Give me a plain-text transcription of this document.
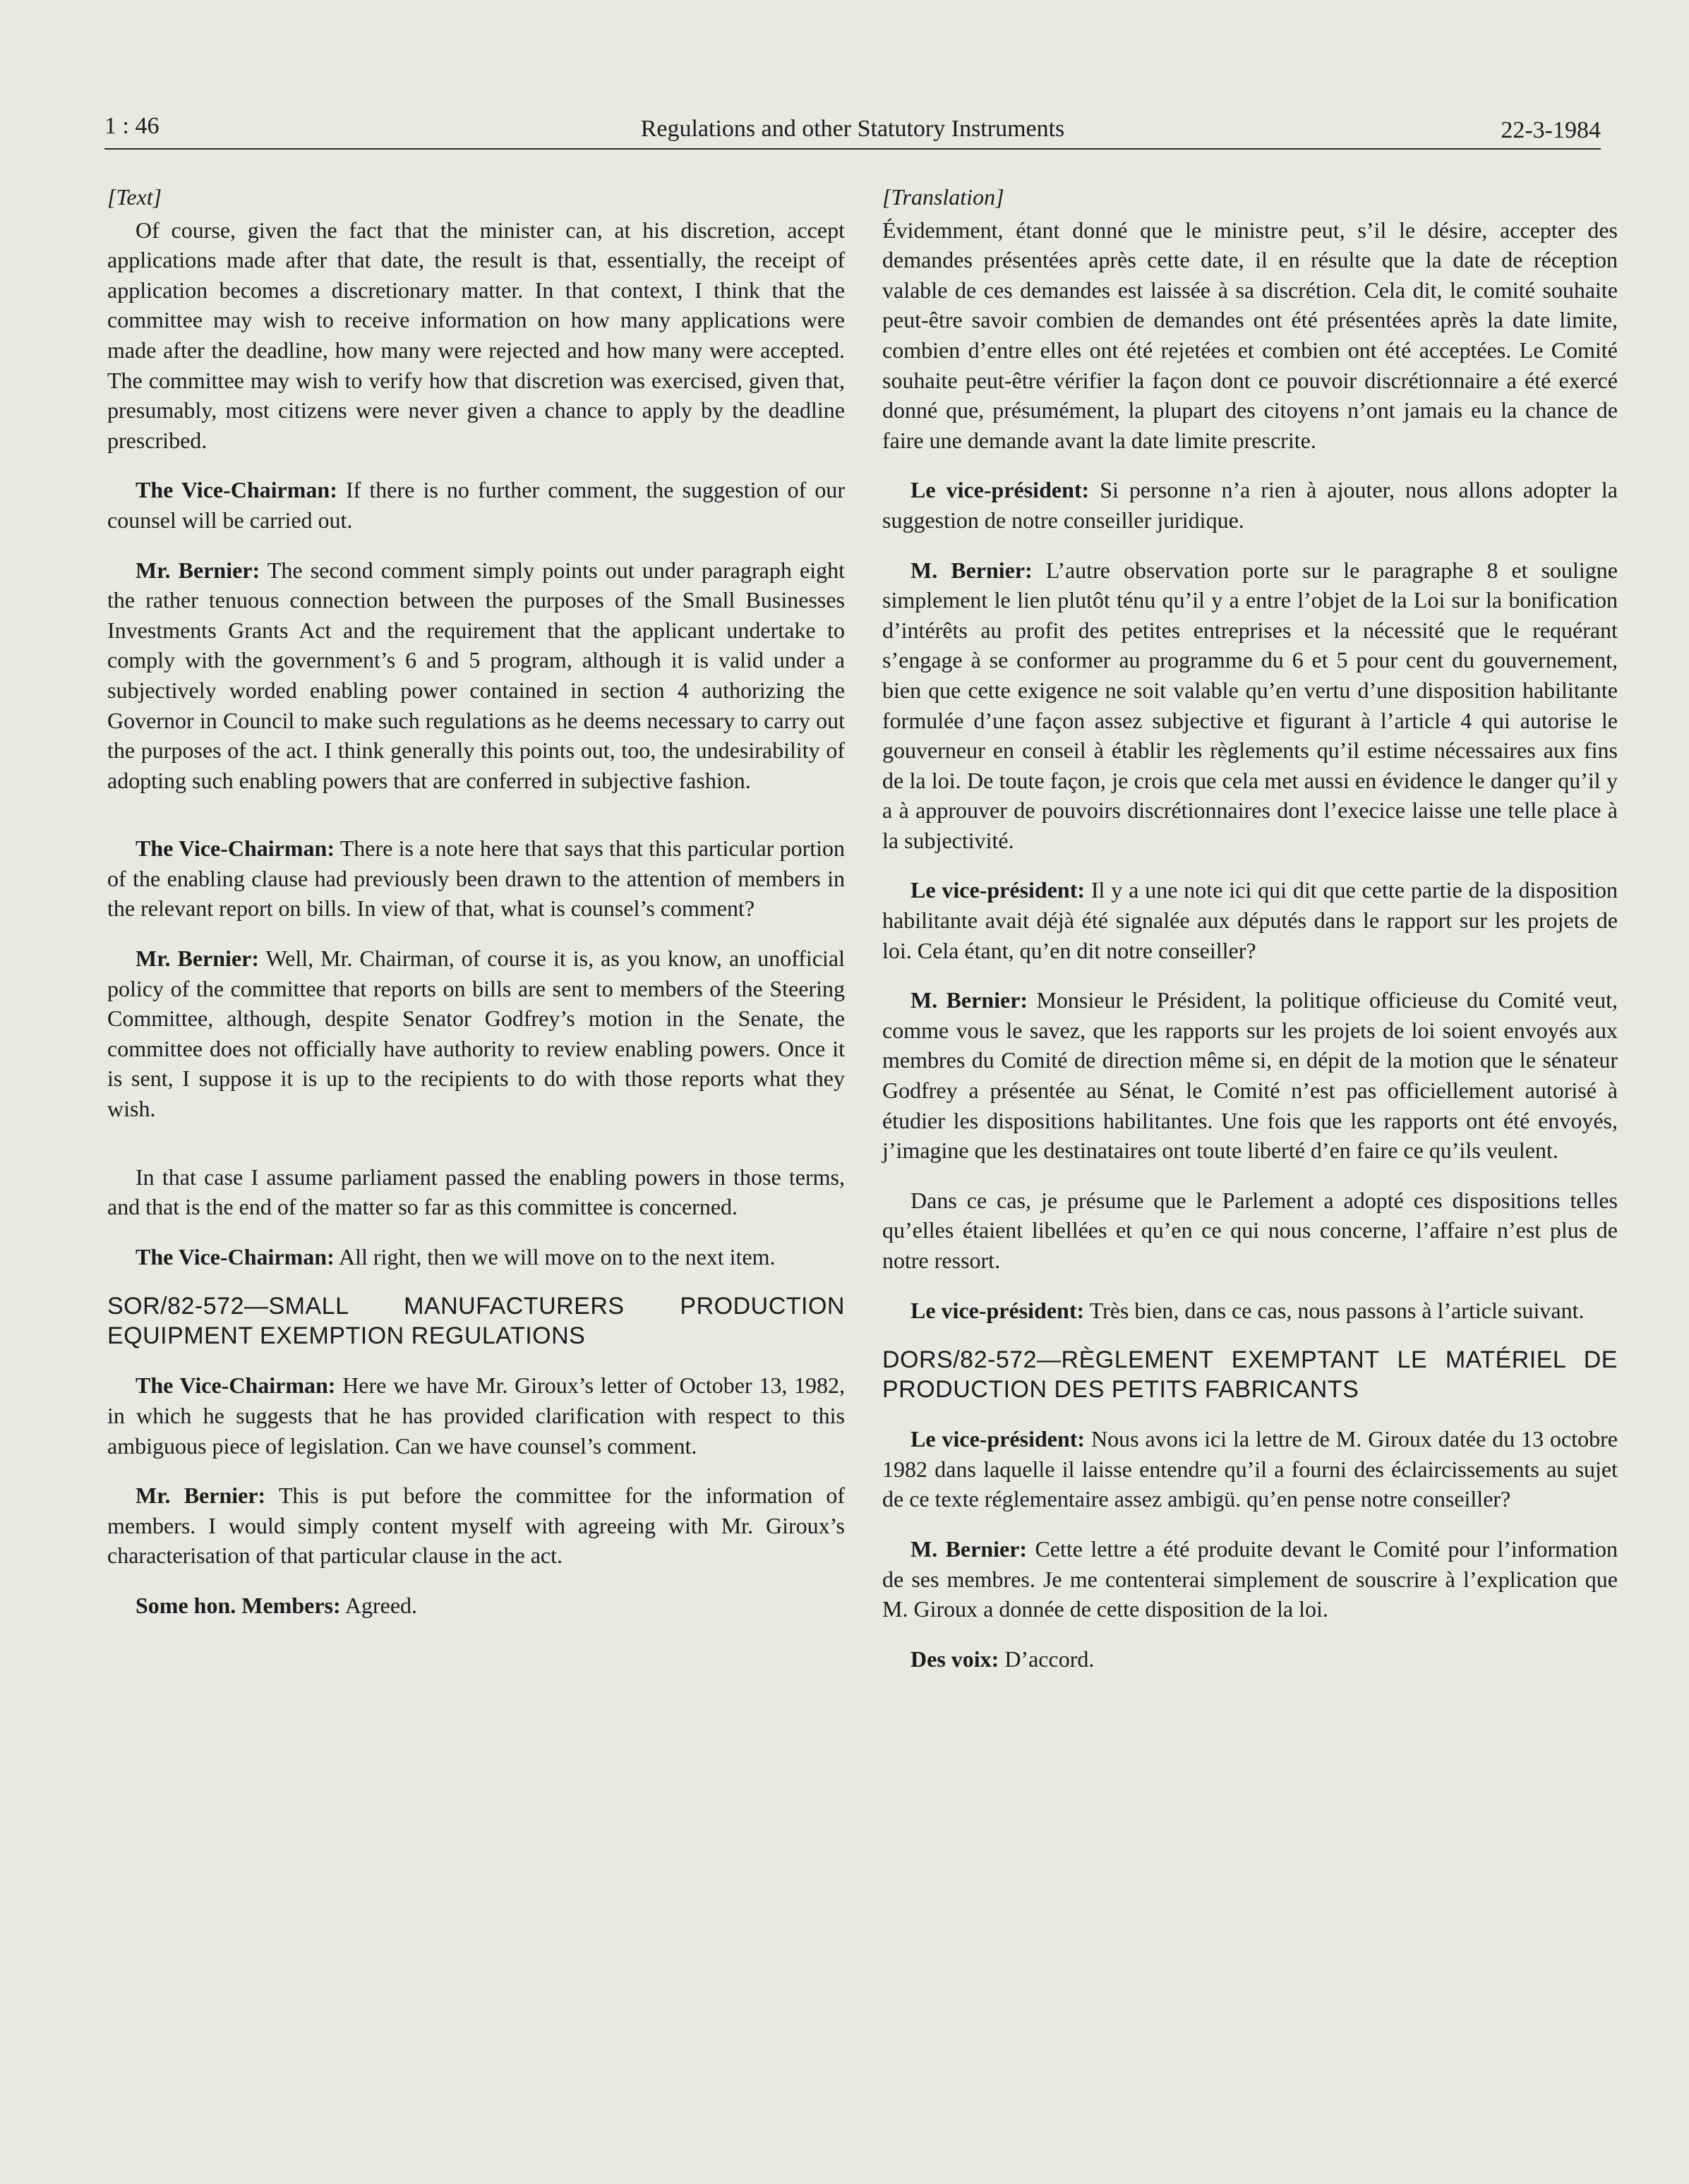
1 : 46	Regulations and other Statutory Instruments	22-3-1984

[Text]

Of course, given the fact that the minister can, at his discretion, accept applications made after that date, the result is that, essentially, the receipt of application becomes a discretionary matter. In that context, I think that the committee may wish to receive information on how many applications were made after the deadline, how many were rejected and how many were accepted. The committee may wish to verify how that discretion was exercised, given that, presumably, most citizens were never given a chance to apply by the deadline prescribed.

The Vice-Chairman: If there is no further comment, the suggestion of our counsel will be carried out.

Mr. Bernier: The second comment simply points out under paragraph eight the rather tenuous connection between the purposes of the Small Businesses Investments Grants Act and the requirement that the applicant undertake to comply with the government’s 6 and 5 program, although it is valid under a subjectively worded enabling power contained in section 4 authorizing the Governor in Council to make such regulations as he deems necessary to carry out the purposes of the act. I think generally this points out, too, the undesirability of adopting such enabling powers that are conferred in subjective fashion.

The Vice-Chairman: There is a note here that says that this particular portion of the enabling clause had previously been drawn to the attention of members in the relevant report on bills. In view of that, what is counsel’s comment?

Mr. Bernier: Well, Mr. Chairman, of course it is, as you know, an unofficial policy of the committee that reports on bills are sent to members of the Steering Committee, although, despite Senator Godfrey’s motion in the Senate, the committee does not officially have authority to review enabling powers. Once it is sent, I suppose it is up to the recipients to do with those reports what they wish.

In that case I assume parliament passed the enabling powers in those terms, and that is the end of the matter so far as this committee is concerned.

The Vice-Chairman: All right, then we will move on to the next item.

SOR/82-572—SMALL MANUFACTURERS PRODUCTION EQUIPMENT EXEMPTION REGULATIONS

The Vice-Chairman: Here we have Mr. Giroux’s letter of October 13, 1982, in which he suggests that he has provided clarification with respect to this ambiguous piece of legislation. Can we have counsel’s comment.

Mr. Bernier: This is put before the committee for the information of members. I would simply content myself with agreeing with Mr. Giroux’s characterisation of that particular clause in the act.

Some hon. Members: Agreed.

[Translation]

Évidemment, étant donné que le ministre peut, s’il le désire, accepter des demandes présentées après cette date, il en résulte que la date de réception valable de ces demandes est laissée à sa discrétion. Cela dit, le comité souhaite peut-être savoir combien de demandes ont été présentées après la date limite, combien d’entre elles ont été rejetées et combien ont été acceptées. Le Comité souhaite peut-être vérifier la façon dont ce pouvoir discrétionnaire a été exercé donné que, présumément, la plupart des citoyens n’ont jamais eu la chance de faire une demande avant la date limite prescrite.

Le vice-président: Si personne n’a rien à ajouter, nous allons adopter la suggestion de notre conseiller juridique.

M. Bernier: L’autre observation porte sur le paragraphe 8 et souligne simplement le lien plutôt ténu qu’il y a entre l’objet de la Loi sur la bonification d’intérêts au profit des petites entreprises et la nécessité que le requérant s’engage à se conformer au programme du 6 et 5 pour cent du gouvernement, bien que cette exigence ne soit valable qu’en vertu d’une disposition habilitante formulée d’une façon assez subjective et figurant à l’article 4 qui autorise le gouverneur en conseil à établir les règlements qu’il estime nécessaires aux fins de la loi. De toute façon, je crois que cela met aussi en évidence le danger qu’il y a à approuver de pouvoirs discrétionnaires dont l’execice laisse une telle place à la subjectivité.

Le vice-président: Il y a une note ici qui dit que cette partie de la disposition habilitante avait déjà été signalée aux députés dans le rapport sur les projets de loi. Cela étant, qu’en dit notre conseiller?

M. Bernier: Monsieur le Président, la politique officieuse du Comité veut, comme vous le savez, que les rapports sur les projets de loi soient envoyés aux membres du Comité de direction même si, en dépit de la motion que le sénateur Godfrey a présentée au Sénat, le Comité n’est pas officiellement autorisé à étudier les dispositions habilitantes. Une fois que les rapports ont été envoyés, j’imagine que les destinataires ont toute liberté d’en faire ce qu’ils veulent.

Dans ce cas, je présume que le Parlement a adopté ces dispositions telles qu’elles étaient libellées et qu’en ce qui nous concerne, l’affaire n’est plus de notre ressort.

Le vice-président: Très bien, dans ce cas, nous passons à l’article suivant.

DORS/82-572—RÈGLEMENT EXEMPTANT LE MATÉRIEL DE PRODUCTION DES PETITS FABRICANTS

Le vice-président: Nous avons ici la lettre de M. Giroux datée du 13 octobre 1982 dans laquelle il laisse entendre qu’il a fourni des éclaircissements au sujet de ce texte réglementaire assez ambigü. qu’en pense notre conseiller?

M. Bernier: Cette lettre a été produite devant le Comité pour l’information de ses membres. Je me contenterai simplement de souscrire à l’explication que M. Giroux a donnée de cette disposition de la loi.

Des voix: D’accord.
